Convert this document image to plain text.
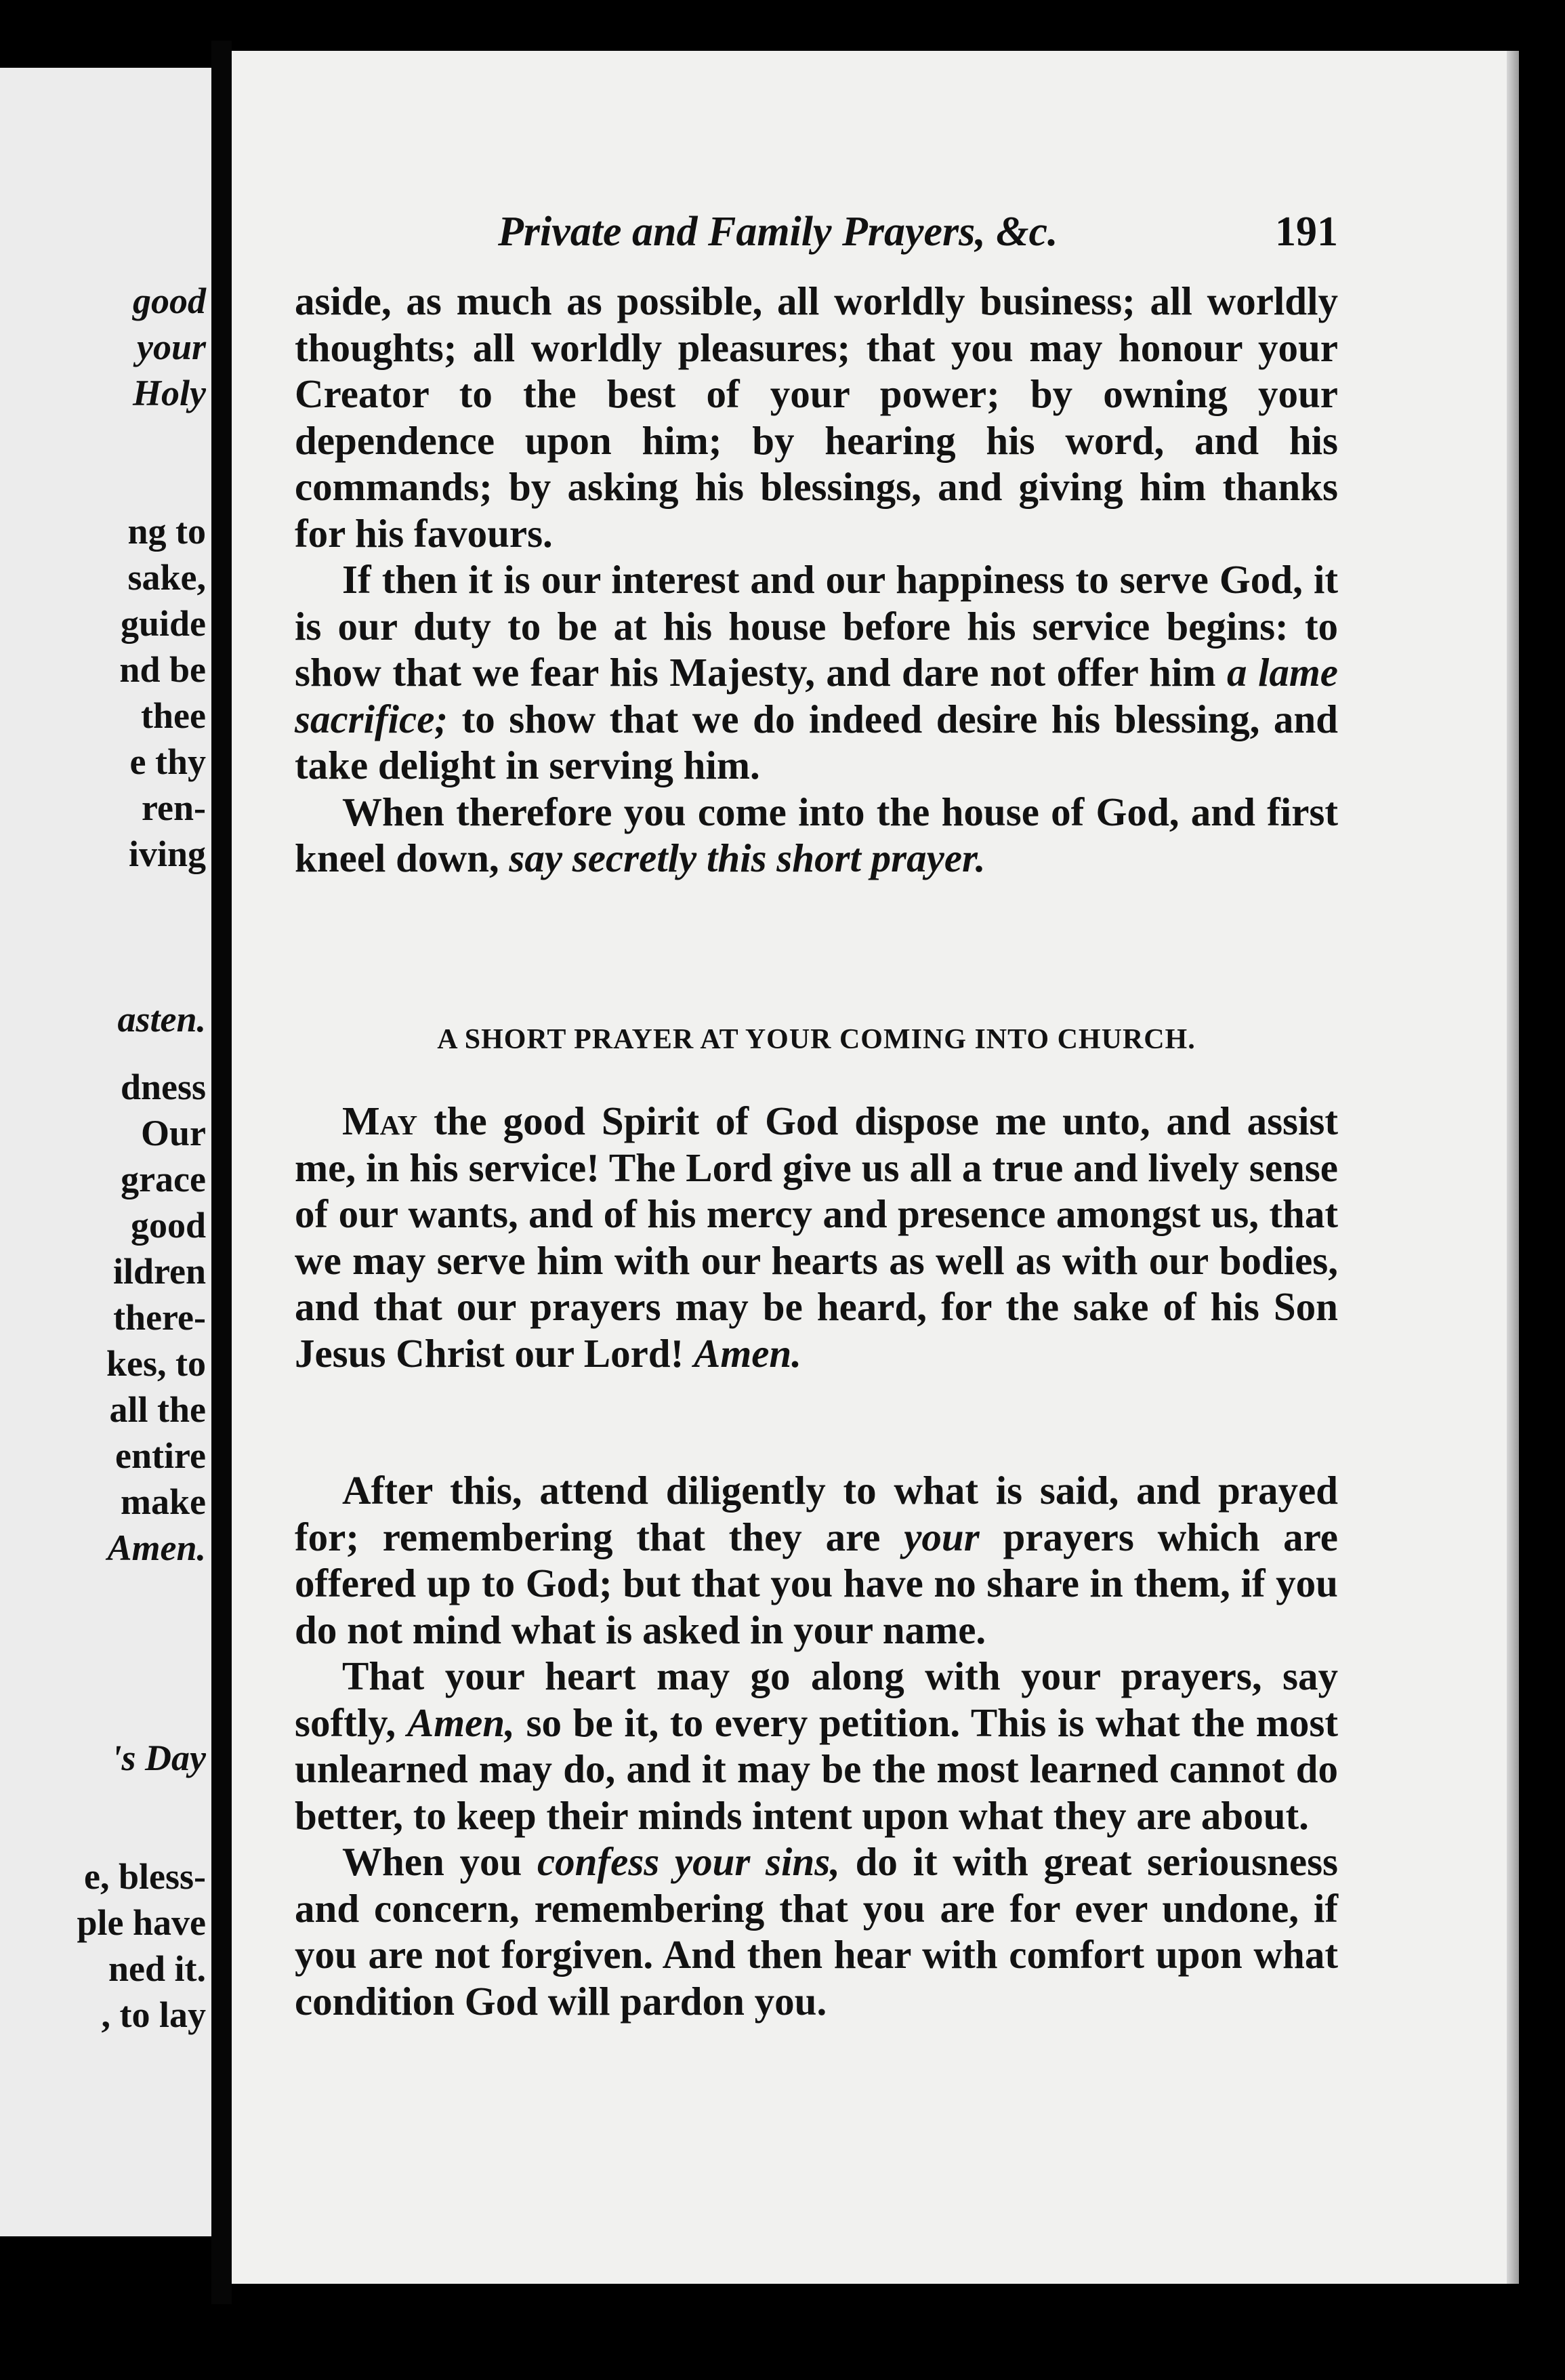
good
your
Holy
ng to
sake,
guide
nd be
thee
e thy
ren-
iving
asten.
dness
Our
grace
good
ildren
there-
kes, to
all the
entire
make
Amen.
's Day
e, bless-
ple have
ned it.
, to lay
Private and Family Prayers, &c.	191

aside, as much as possible, all worldly business; all worldly thoughts; all worldly pleasures; that you may honour your Creator to the best of your power; by owning your dependence upon him; by hearing his word, and his commands; by asking his blessings, and giving him thanks for his favours.

If then it is our interest and our happiness to serve God, it is our duty to be at his house before his service begins: to show that we fear his Majesty, and dare not offer him a lame sacrifice; to show that we do indeed desire his blessing, and take delight in serving him.

When therefore you come into the house of God, and first kneel down, say secretly this short prayer.

A SHORT PRAYER AT YOUR COMING INTO CHURCH.

May the good Spirit of God dispose me unto, and assist me, in his service! The Lord give us all a true and lively sense of our wants, and of his mercy and presence amongst us, that we may serve him with our hearts as well as with our bodies, and that our prayers may be heard, for the sake of his Son Jesus Christ our Lord! Amen.

After this, attend diligently to what is said, and prayed for; remembering that they are your prayers which are offered up to God; but that you have no share in them, if you do not mind what is asked in your name.

That your heart may go along with your prayers, say softly, Amen, so be it, to every petition. This is what the most unlearned may do, and it may be the most learned cannot do better, to keep their minds intent upon what they are about.

When you confess your sins, do it with great seriousness and concern, remembering that you are for ever undone, if you are not forgiven. And then hear with comfort upon what condition God will pardon you.
